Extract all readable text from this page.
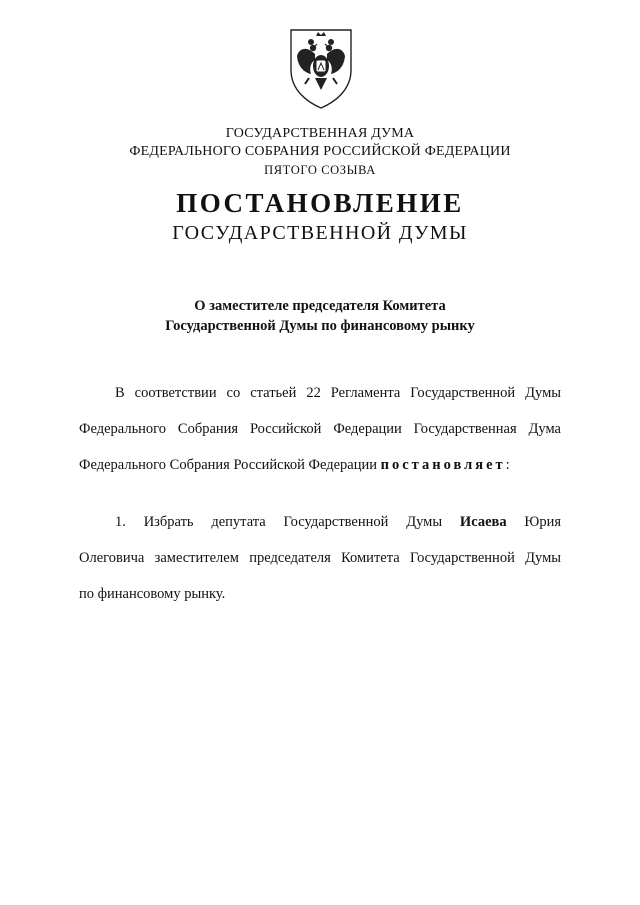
ГОСУДАРСТВЕННАЯ ДУМА
ФЕДЕРАЛЬНОГО СОБРАНИЯ РОССИЙСКОЙ ФЕДЕРАЦИИ
ПЯТОГО СОЗЫВА
ПОСТАНОВЛЕНИЕ
ГОСУДАРСТВЕННОЙ ДУМЫ
О заместителе председателя Комитета
Государственной Думы по финансовому рынку
В соответствии со статьей 22 Регламента Государственной Думы
Федерального Собрания Российской Федерации Государственная Дума
Федерального Собрания Российской Федерации постановляет:
1. Избрать депутата Государственной Думы Исаева Юрия
Олеговича заместителем председателя Комитета Государственной Думы
по финансовому рынку.
